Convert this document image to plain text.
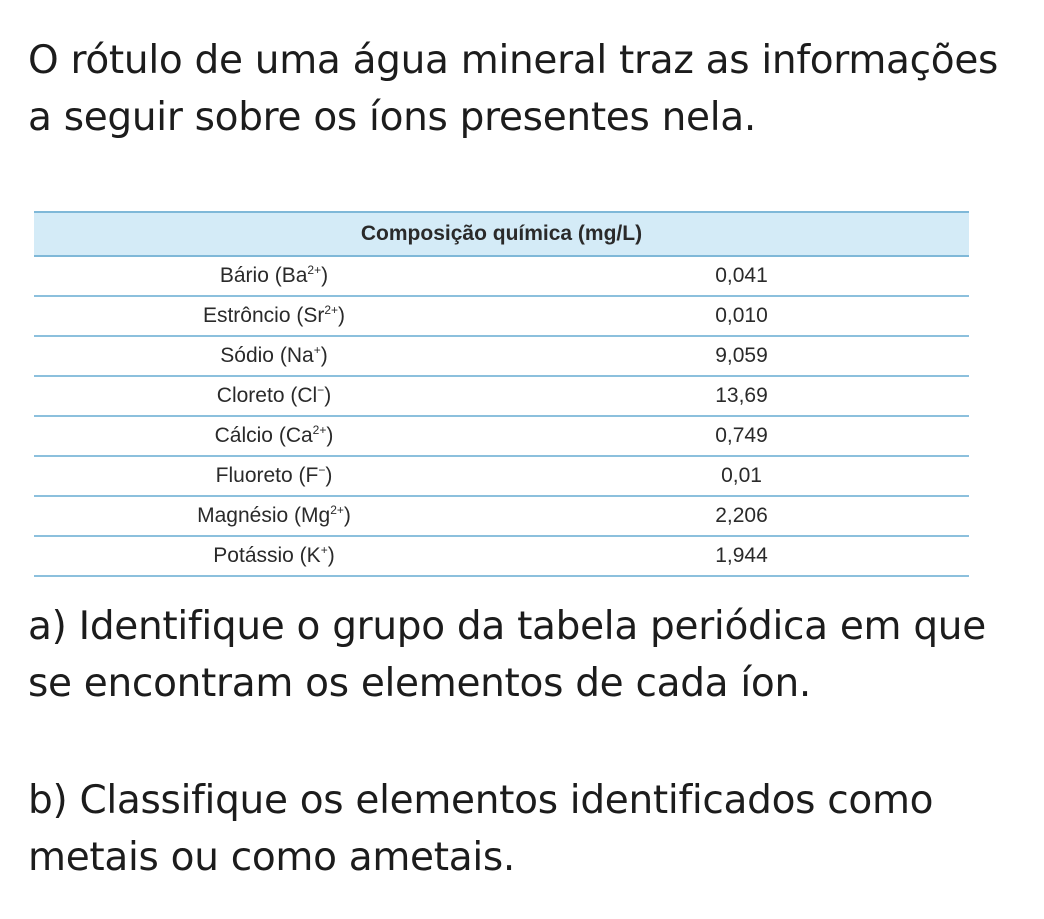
O rótulo de uma água mineral traz as informações a seguir sobre os íons presentes nela.
Composição química (mg/L)	
Bário $(Ba^{2+})$	0,041
Estrôncio $(Sr^{2+})$	0,010
Sódio (Na+)	9,059
Cloreto (Cl−)	13,69
Cálcio $(Ca^{2+})$	0,749
Fluoreto (F−)	0,01
Magnésio $(Mg^{2+})$	2,206
Potássio (K+)	1,944
a) Identifique o grupo da tabela periódica em que se encontram os elementos de cada íon.
b) Classifique os elementos identificados como metais ou como ametais.
